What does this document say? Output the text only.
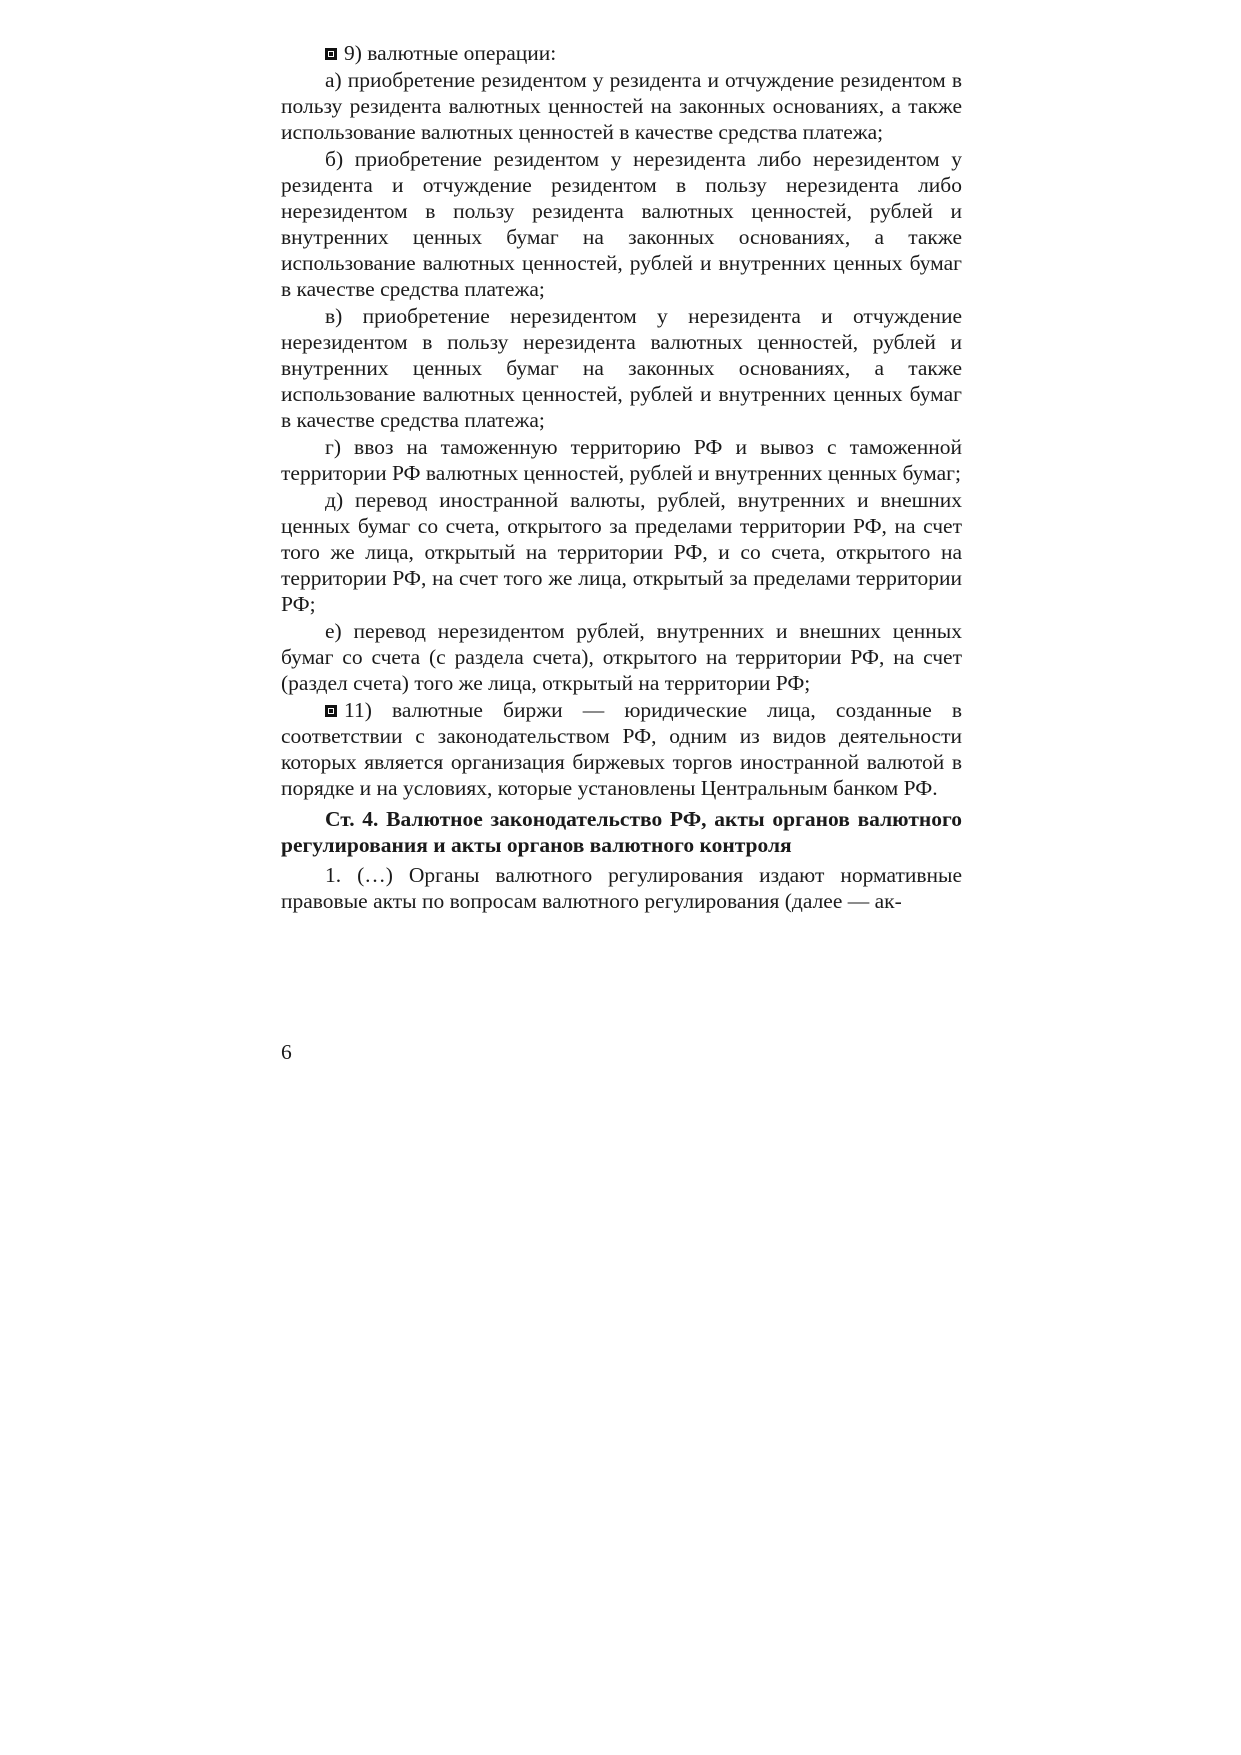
9) валютные операции:

а) приобретение резидентом у резидента и отчуждение резидентом в пользу резидента валютных ценностей на законных основаниях, а также использование валютных ценностей в качестве средства платежа;

б) приобретение резидентом у нерезидента либо нерезидентом у резидента и отчуждение резидентом в пользу нерезидента либо нерезидентом в пользу резидента валютных ценностей, рублей и внутренних ценных бумаг на законных основаниях, а также использование валютных ценностей, рублей и внутренних ценных бумаг в качестве средства платежа;

в) приобретение нерезидентом у нерезидента и отчуждение нерезидентом в пользу нерезидента валютных ценностей, рублей и внутренних ценных бумаг на законных основаниях, а также использование валютных ценностей, рублей и внутренних ценных бумаг в качестве средства платежа;

г) ввоз на таможенную территорию РФ и вывоз с таможенной территории РФ валютных ценностей, рублей и внутренних ценных бумаг;

д) перевод иностранной валюты, рублей, внутренних и внешних ценных бумаг со счета, открытого за пределами территории РФ, на счет того же лица, открытый на территории РФ, и со счета, открытого на территории РФ, на счет того же лица, открытый за пределами территории РФ;

е) перевод нерезидентом рублей, внутренних и внешних ценных бумаг со счета (с раздела счета), открытого на территории РФ, на счет (раздел счета) того же лица, открытый на территории РФ;

11) валютные биржи — юридические лица, созданные в соответствии с законодательством РФ, одним из видов деятельности которых является организация биржевых торгов иностранной валютой в порядке и на условиях, которые установлены Центральным банком РФ.

Ст. 4. Валютное законодательство РФ, акты органов валютного регулирования и акты органов валютного контроля

1. (…) Органы валютного регулирования издают нормативные правовые акты по вопросам валютного регулирования (далее — ак-

6
